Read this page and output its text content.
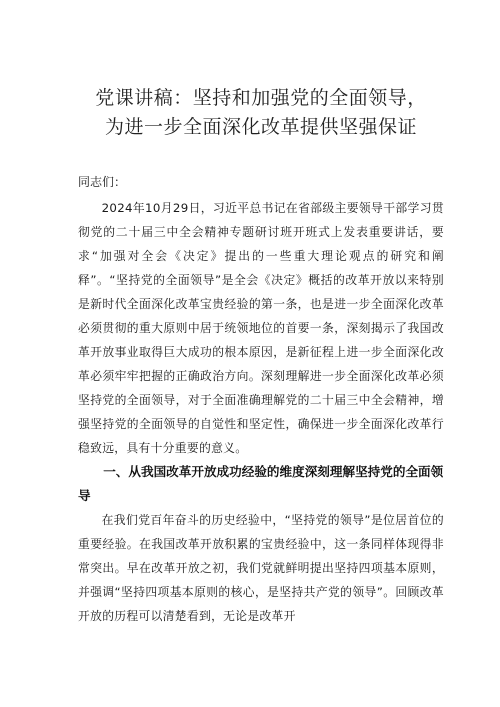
党课讲稿：坚持和加强党的全面领导，
为进一步全面深化改革提供坚强保证
同志们：

2024年10月29日，习近平总书记在省部级主要领导干部学习贯彻党的二十届三中全会精神专题研讨班开班式上发表重要讲话，要求“加强对全会《决定》提出的一些重大理论观点的研究和阐释”。“坚持党的全面领导”是全会《决定》概括的改革开放以来特别是新时代全面深化改革宝贵经验的第一条，也是进一步全面深化改革必须贯彻的重大原则中居于统领地位的首要一条，深刻揭示了我国改革开放事业取得巨大成功的根本原因，是新征程上进一步全面深化改革必须牢牢把握的正确政治方向。深刻理解进一步全面深化改革必须坚持党的全面领导，对于全面准确理解党的二十届三中全会精神，增强坚持党的全面领导的自觉性和坚定性，确保进一步全面深化改革行稳致远，具有十分重要的意义。

一、从我国改革开放成功经验的维度深刻理解坚持党的全面领导

在我们党百年奋斗的历史经验中，“坚持党的领导”是位居首位的重要经验。在我国改革开放积累的宝贵经验中，这一条同样体现得非常突出。早在改革开放之初，我们党就鲜明提出坚持四项基本原则，并强调“坚持四项基本原则的核心，是坚持共产党的领导”。回顾改革开放的历程可以清楚看到，无论是改革开
